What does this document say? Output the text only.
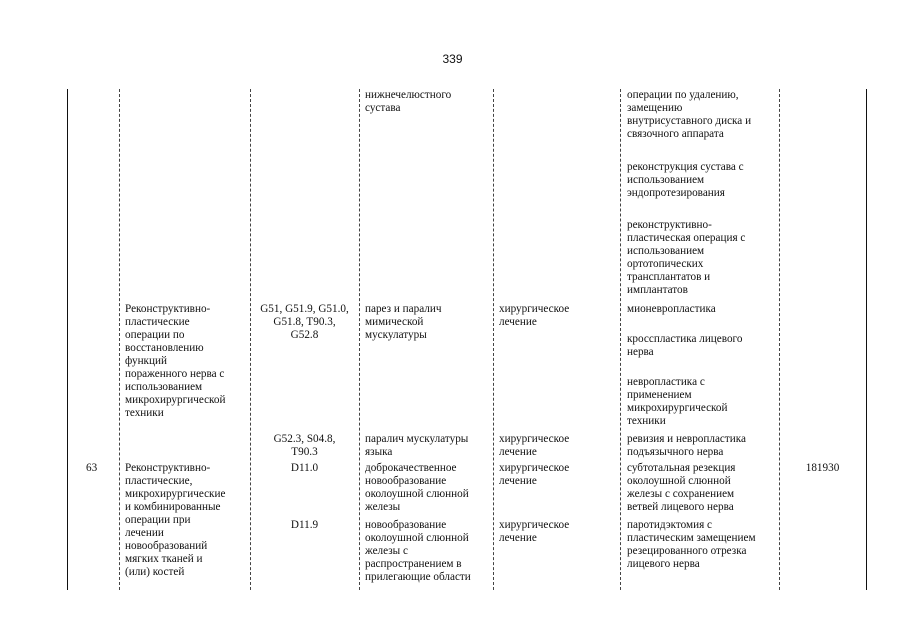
339
63
Реконструктивно-
пластические
операции по
восстановлению
функций
пораженного нерва с
использованием
микрохирургической
техники
Реконструктивно-
пластические,
микрохирургические
и комбинированные
операции при
лечении
новообразований
мягких тканей и
(или) костей
G51, G51.9, G51.0,
G51.8, T90.3,
G52.8
G52.3, S04.8,
T90.3
D11.0
D11.9
нижнечелюстного
сустава
парез и паралич
мимической
мускулатуры
паралич мускулатуры
языка
доброкачественное
новообразование
околоушной слюнной
железы
новообразование
околоушной слюнной
железы с
распространением в
прилегающие области
хирургическое
лечение
хирургическое
лечение
хирургическое
лечение
хирургическое
лечение
операции по удалению,
замещению
внутрисуставного диска и
связочного аппарата
реконструкция сустава с
использованием
эндопротезирования
реконструктивно-
пластическая операция с
использованием
ортотопических
трансплантатов и
имплантатов
мионевропластика
кросспластика лицевого
нерва
невропластика с
применением
микрохирургической
техники
ревизия и невропластика
подъязычного нерва
субтотальная резекция
околоушной слюнной
железы с сохранением
ветвей лицевого нерва
паротидэктомия с
пластическим замещением
резецированного отрезка
лицевого нерва
181930
